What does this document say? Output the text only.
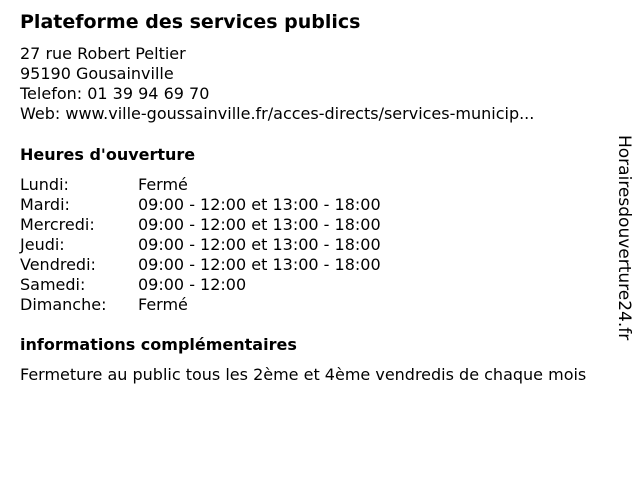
Plateforme des services publics
27 rue Robert Peltier
95190 Gousainville
Telefon: 01 39 94 69 70
Web: www.ville-goussainville.fr/acces-directs/services-municip...
Heures d'ouverture
Lundi:	Fermé
Mardi:	09:00 - 12:00 et 13:00 - 18:00
Mercredi:	09:00 - 12:00 et 13:00 - 18:00
Jeudi:	09:00 - 12:00 et 13:00 - 18:00
Vendredi:	09:00 - 12:00 et 13:00 - 18:00
Samedi:	09:00 - 12:00
Dimanche: Fermé
informations complémentaires
Fermeture au public tous les 2ème et 4ème vendredis de chaque mois
Horairesdouverture24.fr
